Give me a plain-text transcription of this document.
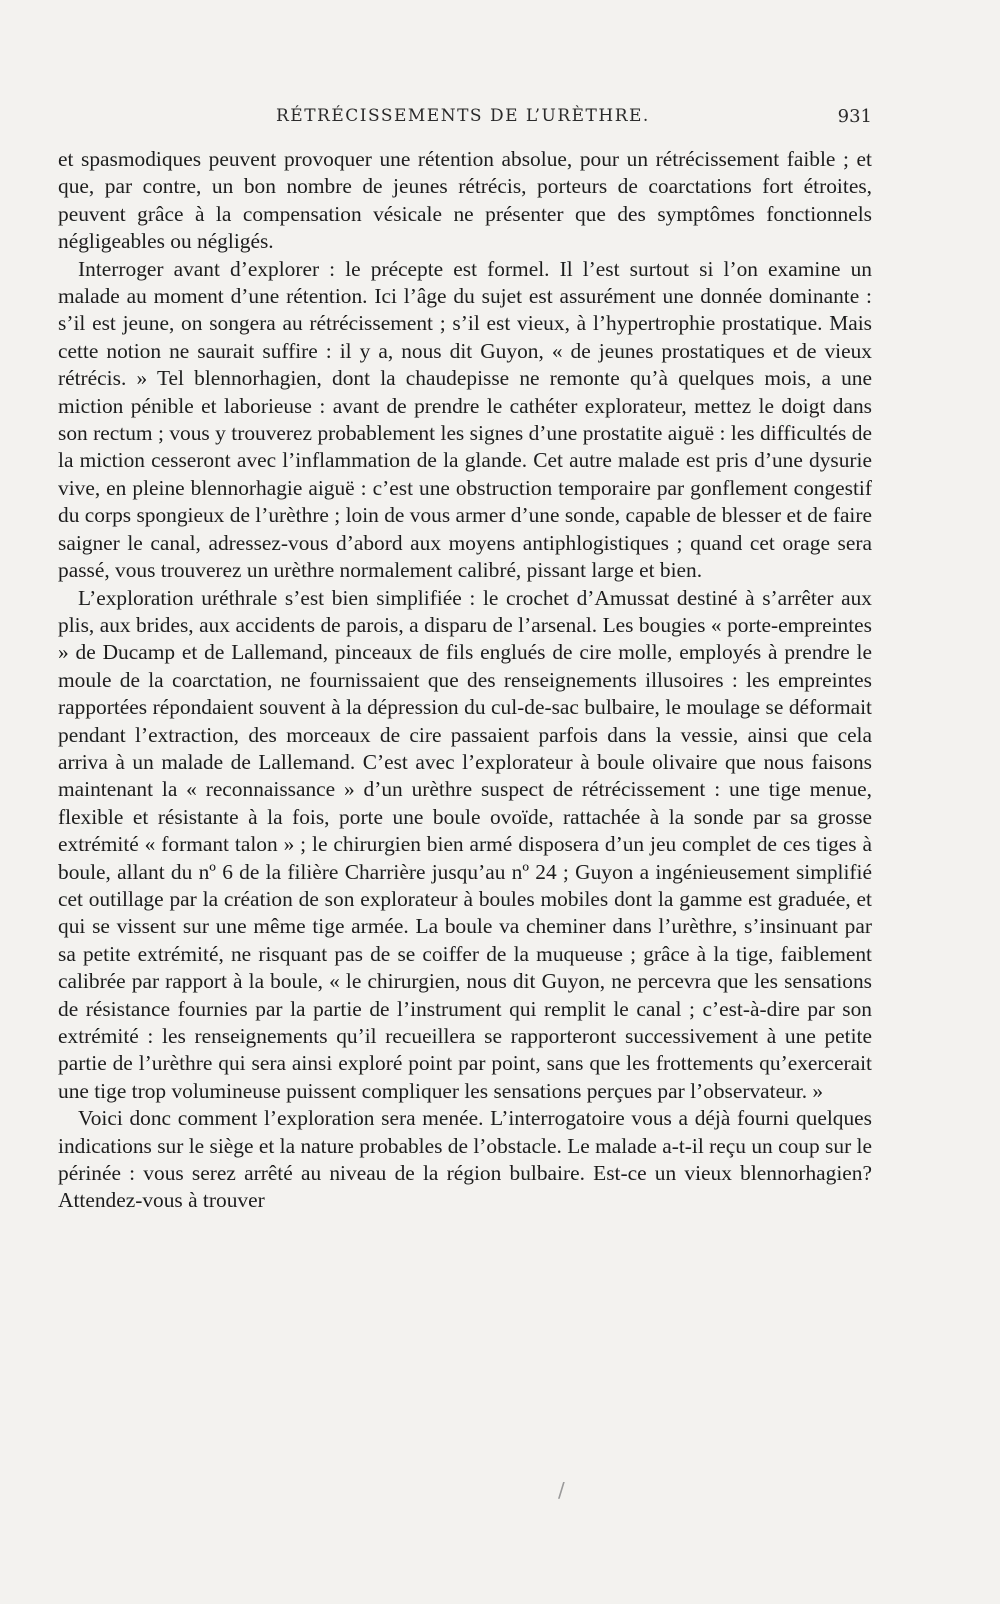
RÉTRÉCISSEMENTS DE L’URÈTHRE.	931

et spasmodiques peuvent provoquer une rétention absolue, pour un rétrécissement faible ; et que, par contre, un bon nombre de jeunes rétrécis, porteurs de coarctations fort étroites, peuvent grâce à la compensation vésicale ne présenter que des symptômes fonctionnels négligeables ou négligés.

Interroger avant d’explorer : le précepte est formel. Il l’est surtout si l’on examine un malade au moment d’une rétention. Ici l’âge du sujet est assurément une donnée dominante : s’il est jeune, on songera au rétrécissement ; s’il est vieux, à l’hypertrophie prostatique. Mais cette notion ne saurait suffire : il y a, nous dit Guyon, « de jeunes prostatiques et de vieux rétrécis. » Tel blennorhagien, dont la chaudepisse ne remonte qu’à quelques mois, a une miction pénible et laborieuse : avant de prendre le cathéter explorateur, mettez le doigt dans son rectum ; vous y trouverez probablement les signes d’une prostatite aiguë : les difficultés de la miction cesseront avec l’inflammation de la glande. Cet autre malade est pris d’une dysurie vive, en pleine blennorhagie aiguë : c’est une obstruction temporaire par gonflement congestif du corps spongieux de l’urèthre ; loin de vous armer d’une sonde, capable de blesser et de faire saigner le canal, adressez-vous d’abord aux moyens antiphlogistiques ; quand cet orage sera passé, vous trouverez un urèthre normalement calibré, pissant large et bien.

L’exploration uréthrale s’est bien simplifiée : le crochet d’Amussat destiné à s’arrêter aux plis, aux brides, aux accidents de parois, a disparu de l’arsenal. Les bougies « porte-empreintes » de Ducamp et de Lallemand, pinceaux de fils englués de cire molle, employés à prendre le moule de la coarctation, ne fournissaient que des renseignements illusoires : les empreintes rapportées répondaient souvent à la dépression du cul-de-sac bulbaire, le moulage se déformait pendant l’extraction, des morceaux de cire passaient parfois dans la vessie, ainsi que cela arriva à un malade de Lallemand. C’est avec l’explorateur à boule olivaire que nous faisons maintenant la « reconnaissance » d’un urèthre suspect de rétrécissement : une tige menue, flexible et résistante à la fois, porte une boule ovoïde, rattachée à la sonde par sa grosse extrémité « formant talon » ; le chirurgien bien armé disposera d’un jeu complet de ces tiges à boule, allant du nº 6 de la filière Charrière jusqu’au nº 24 ; Guyon a ingénieusement simplifié cet outillage par la création de son explorateur à boules mobiles dont la gamme est graduée, et qui se vissent sur une même tige armée. La boule va cheminer dans l’urèthre, s’insinuant par sa petite extrémité, ne risquant pas de se coiffer de la muqueuse ; grâce à la tige, faiblement calibrée par rapport à la boule, « le chirurgien, nous dit Guyon, ne percevra que les sensations de résistance fournies par la partie de l’instrument qui remplit le canal ; c’est-à-dire par son extrémité : les renseignements qu’il recueillera se rapporteront successivement à une petite partie de l’urèthre qui sera ainsi exploré point par point, sans que les frottements qu’exercerait une tige trop volumineuse puissent compliquer les sensations perçues par l’observateur. »

Voici donc comment l’exploration sera menée. L’interrogatoire vous a déjà fourni quelques indications sur le siège et la nature probables de l’obstacle. Le malade a-t-il reçu un coup sur le périnée : vous serez arrêté au niveau de la région bulbaire. Est-ce un vieux blennorhagien? Attendez-vous à trouver

/
